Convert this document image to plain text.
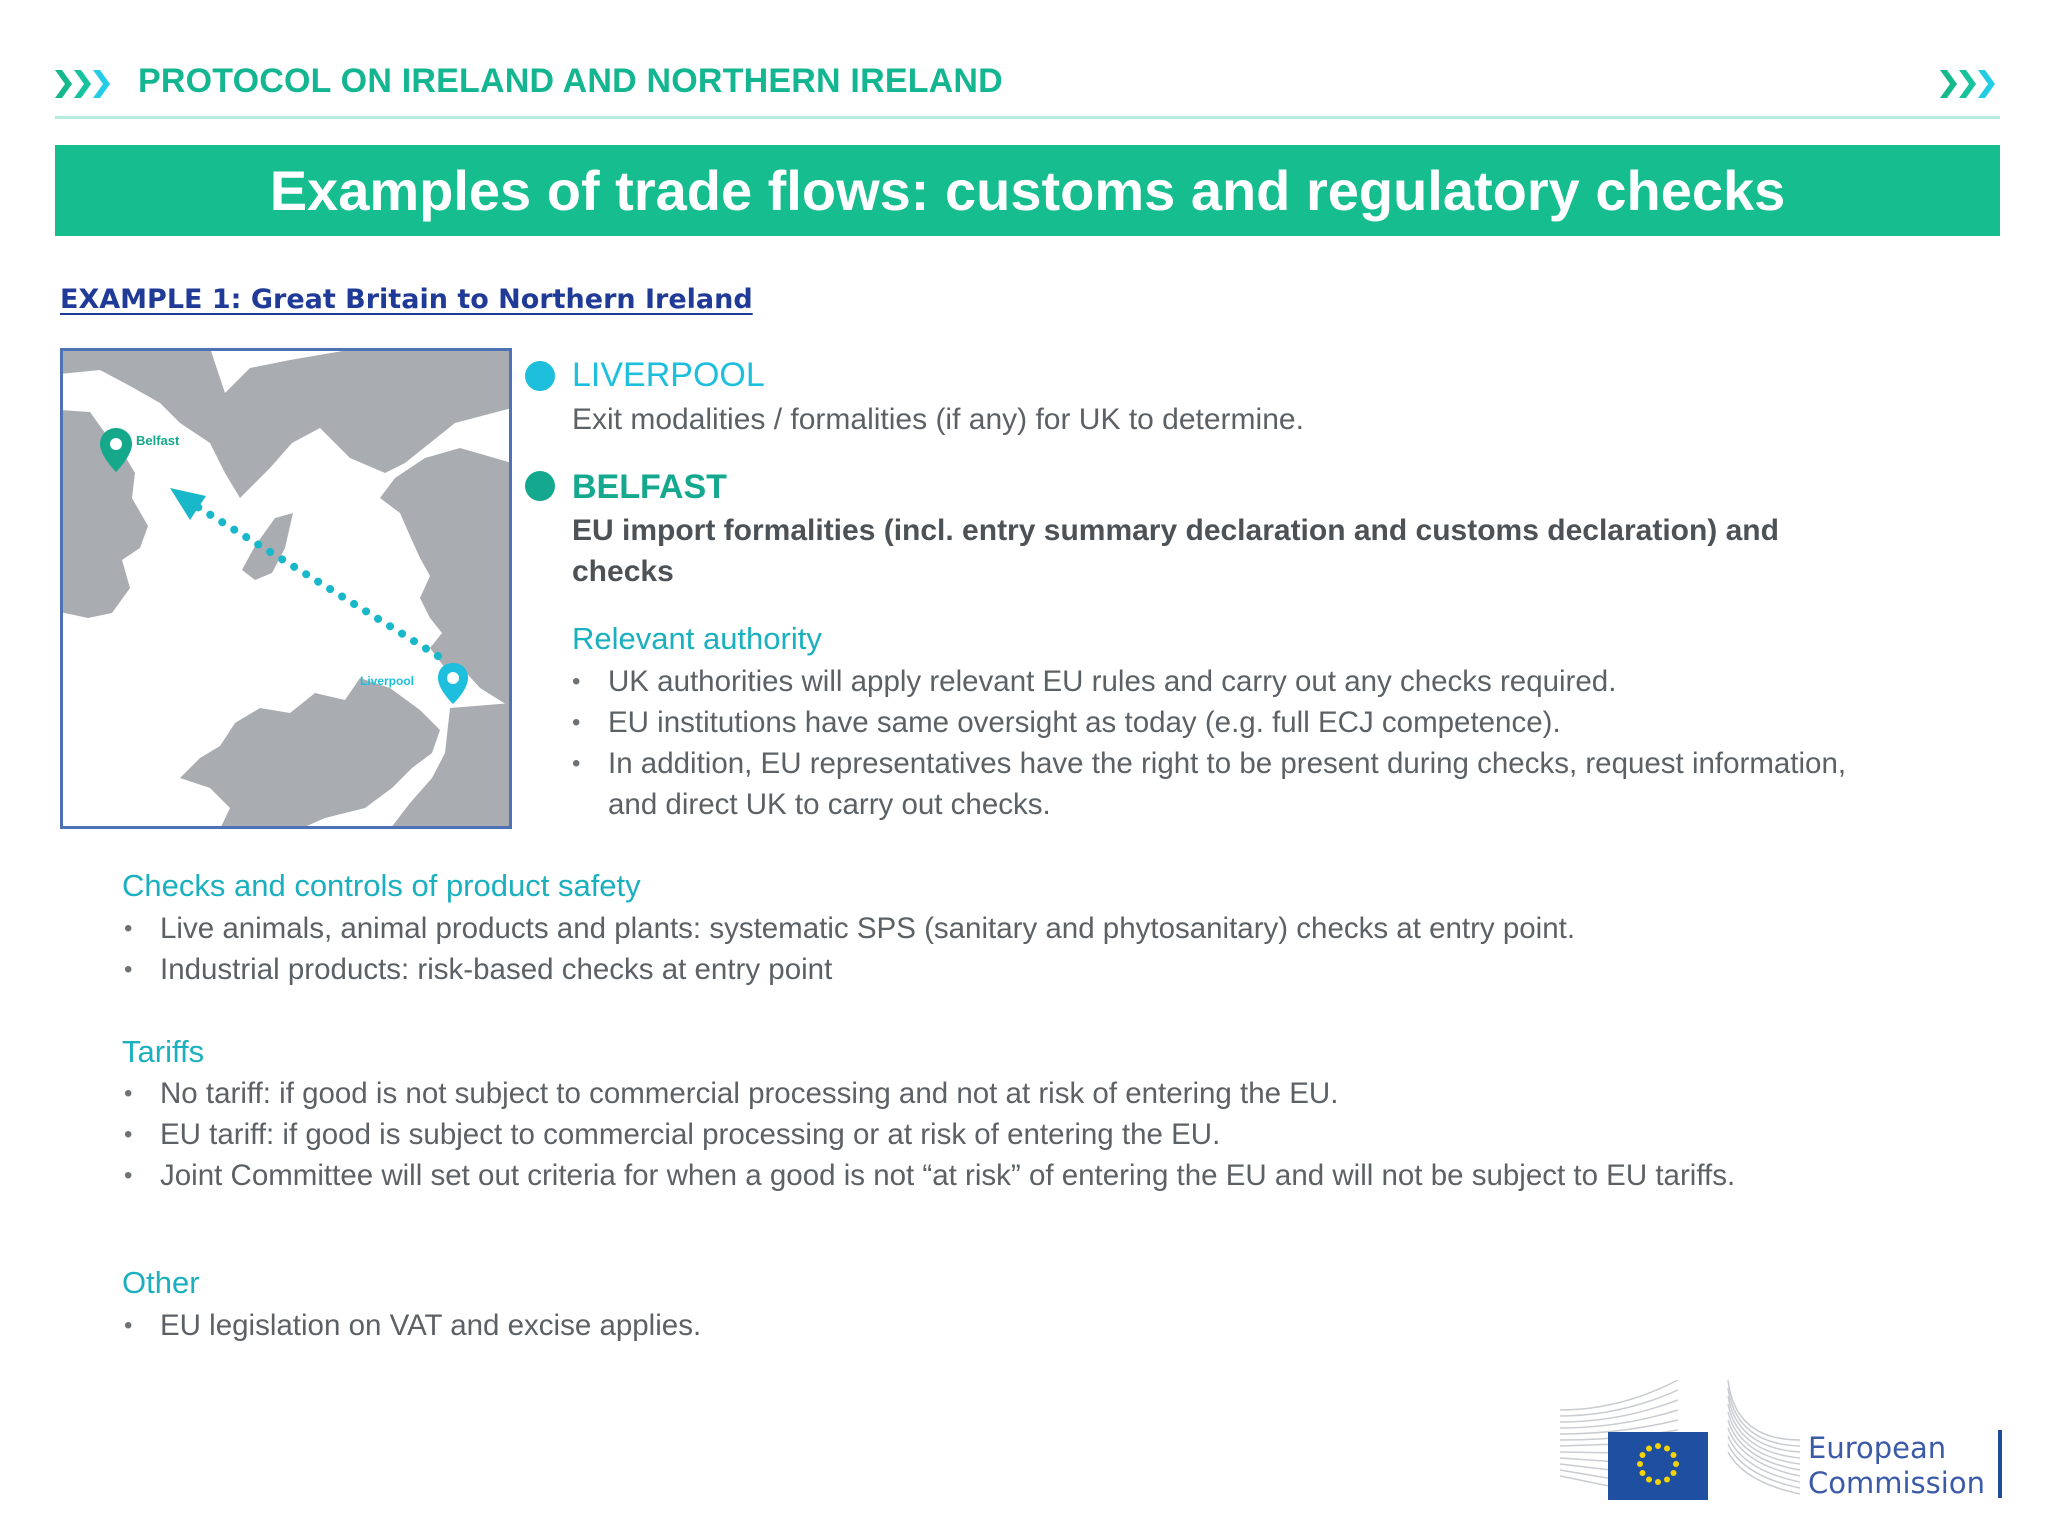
PROTOCOL ON IRELAND AND NORTHERN IRELAND
Examples of trade flows: customs and regulatory checks
EXAMPLE 1: Great Britain to Northern Ireland
Belfast
Liverpool
LIVERPOOL
Exit modalities / formalities (if any) for UK to determine.
BELFAST
EU import formalities (incl. entry summary declaration and customs declaration) and checks
Relevant authority
• UK authorities will apply relevant EU rules and carry out any checks required.
• EU institutions have same oversight as today (e.g. full ECJ competence).
• In addition, EU representatives have the right to be present during checks, request information, and direct UK to carry out checks.
Checks and controls of product safety
• Live animals, animal products and plants: systematic SPS (sanitary and phytosanitary) checks at entry point.
• Industrial products: risk-based checks at entry point
Tariffs
• No tariff: if good is not subject to commercial processing and not at risk of entering the EU.
• EU tariff: if good is subject to commercial processing or at risk of entering the EU.
• Joint Committee will set out criteria for when a good is not “at risk” of entering the EU and will not be subject to EU tariffs.
Other
• EU legislation on VAT and excise applies.
European
Commission
